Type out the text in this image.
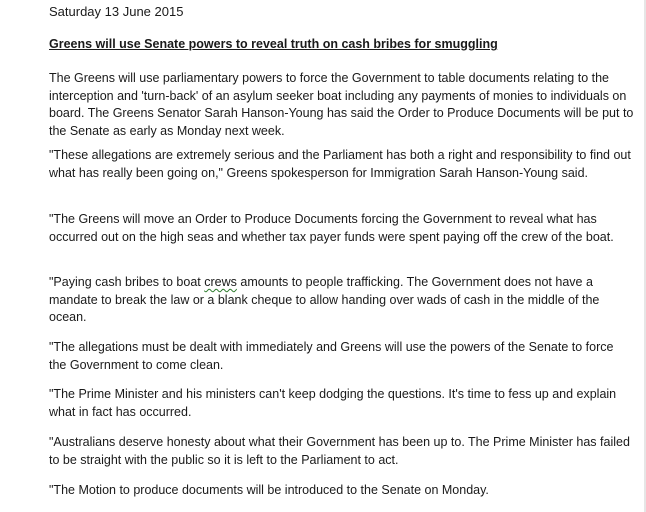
Saturday 13 June 2015
Greens will use Senate powers to reveal truth on cash bribes for smuggling

The Greens will use parliamentary powers to force the Government to table documents relating to the interception and 'turn-back' of an asylum seeker boat including any payments of monies to individuals on board. The Greens Senator Sarah Hanson-Young has said the Order to Produce Documents will be put to the Senate as early as Monday next week.

"These allegations are extremely serious and the Parliament has both a right and responsibility to find out what has really been going on," Greens spokesperson for Immigration Sarah Hanson-Young said.

"The Greens will move an Order to Produce Documents forcing the Government to reveal what has occurred out on the high seas and whether tax payer funds were spent paying off the crew of the boat.

"Paying cash bribes to boat crews amounts to people trafficking. The Government does not have a mandate to break the law or a blank cheque to allow handing over wads of cash in the middle of the ocean.

"The allegations must be dealt with immediately and Greens will use the powers of the Senate to force the Government to come clean.

"The Prime Minister and his ministers can't keep dodging the questions. It's time to fess up and explain what in fact has occurred.

"Australians deserve honesty about what their Government has been up to. The Prime Minister has failed to be straight with the public so it is left to the Parliament to act.

"The Motion to produce documents will be introduced to the Senate on Monday.
